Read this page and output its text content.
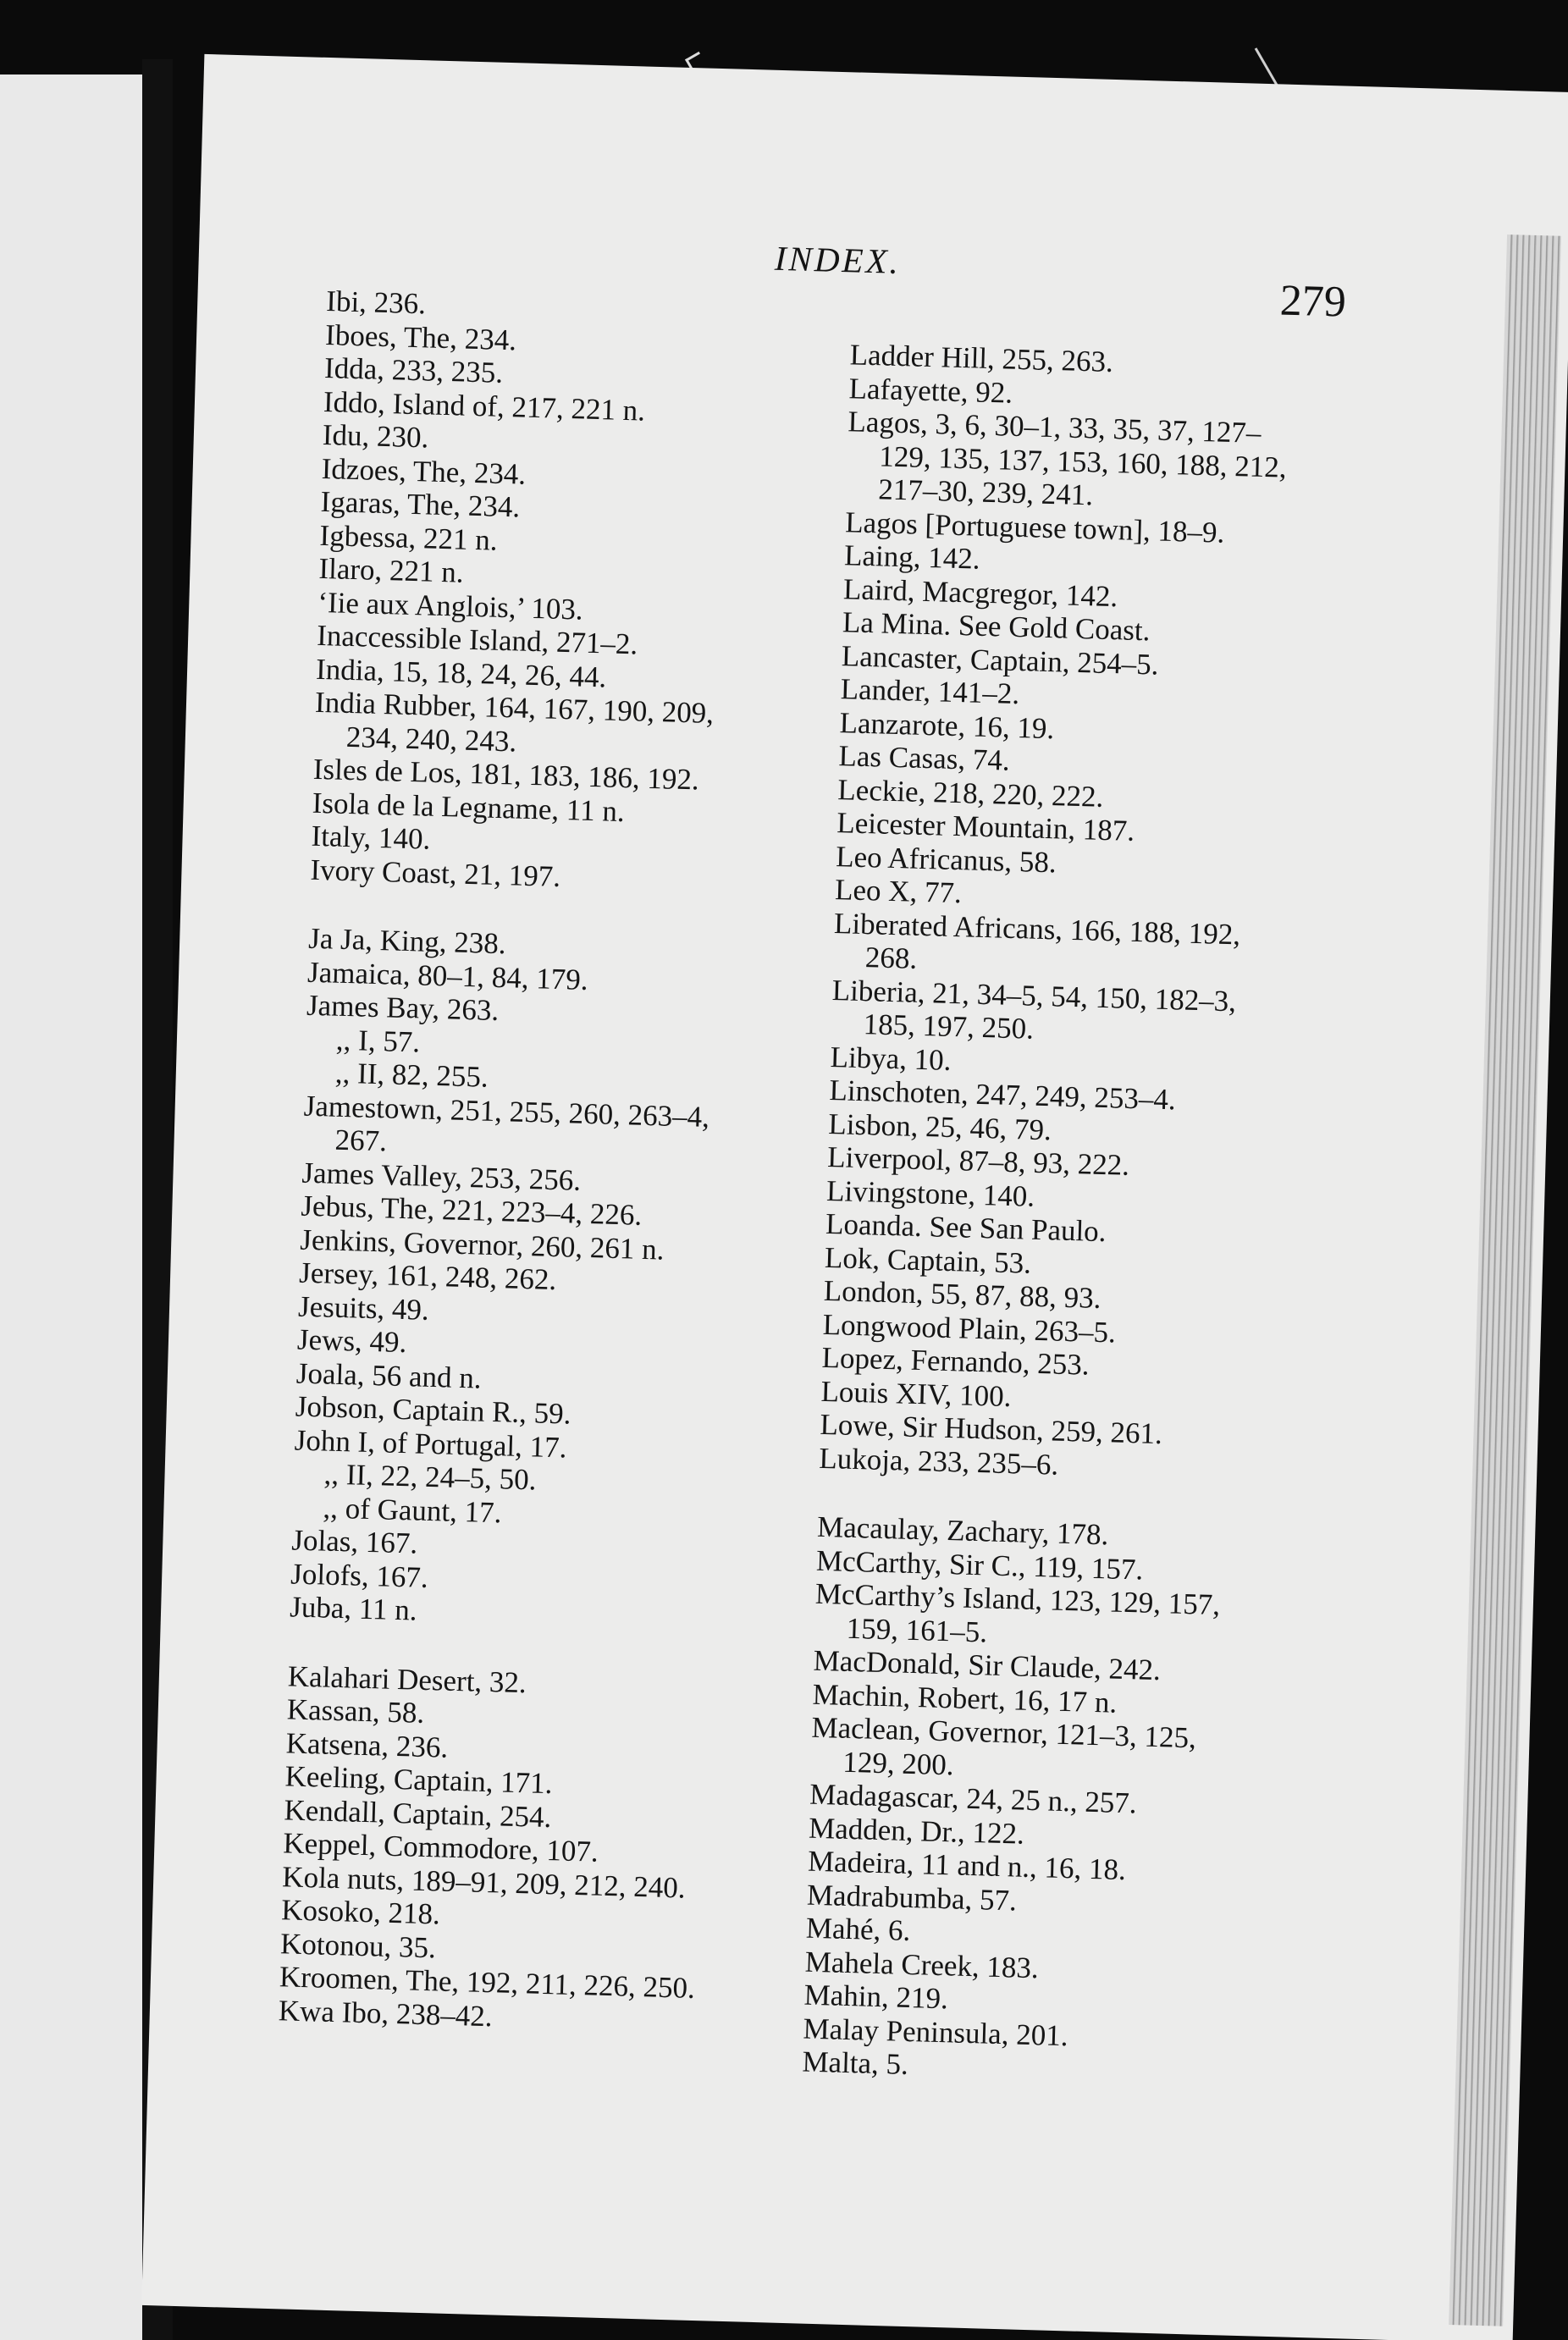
INDEX.
279
Ibi, 236.
Iboes, The, 234.
Idda, 233, 235.
Iddo, Island of, 217, 221 n.
Idu, 230.
Idzoes, The, 234.
Igaras, The, 234.
Igbessa, 221 n.
Ilaro, 221 n.
‘Iie aux Anglois,’ 103.
Inaccessible Island, 271–2.
India, 15, 18, 24, 26, 44.
India Rubber, 164, 167, 190, 209,
234, 240, 243.
Isles de Los, 181, 183, 186, 192.
Isola de la Legname, 11 n.
Italy, 140.
Ivory Coast, 21, 197.
Ja Ja, King, 238.
Jamaica, 80–1, 84, 179.
James Bay, 263.
,, I, 57.
,, II, 82, 255.
Jamestown, 251, 255, 260, 263–4,
267.
James Valley, 253, 256.
Jebus, The, 221, 223–4, 226.
Jenkins, Governor, 260, 261 n.
Jersey, 161, 248, 262.
Jesuits, 49.
Jews, 49.
Joala, 56 and n.
Jobson, Captain R., 59.
John I, of Portugal, 17.
,, II, 22, 24–5, 50.
,, of Gaunt, 17.
Jolas, 167.
Jolofs, 167.
Juba, 11 n.
Kalahari Desert, 32.
Kassan, 58.
Katsena, 236.
Keeling, Captain, 171.
Kendall, Captain, 254.
Keppel, Commodore, 107.
Kola nuts, 189–91, 209, 212, 240.
Kosoko, 218.
Kotonou, 35.
Kroomen, The, 192, 211, 226, 250.
Kwa Ibo, 238–42.
Ladder Hill, 255, 263.
Lafayette, 92.
Lagos, 3, 6, 30–1, 33, 35, 37, 127–
129, 135, 137, 153, 160, 188, 212,
217–30, 239, 241.
Lagos [Portuguese town], 18–9.
Laing, 142.
Laird, Macgregor, 142.
La Mina. See Gold Coast.
Lancaster, Captain, 254–5.
Lander, 141–2.
Lanzarote, 16, 19.
Las Casas, 74.
Leckie, 218, 220, 222.
Leicester Mountain, 187.
Leo Africanus, 58.
Leo X, 77.
Liberated Africans, 166, 188, 192,
268.
Liberia, 21, 34–5, 54, 150, 182–3,
185, 197, 250.
Libya, 10.
Linschoten, 247, 249, 253–4.
Lisbon, 25, 46, 79.
Liverpool, 87–8, 93, 222.
Livingstone, 140.
Loanda. See San Paulo.
Lok, Captain, 53.
London, 55, 87, 88, 93.
Longwood Plain, 263–5.
Lopez, Fernando, 253.
Louis XIV, 100.
Lowe, Sir Hudson, 259, 261.
Lukoja, 233, 235–6.
Macaulay, Zachary, 178.
McCarthy, Sir C., 119, 157.
McCarthy’s Island, 123, 129, 157,
159, 161–5.
MacDonald, Sir Claude, 242.
Machin, Robert, 16, 17 n.
Maclean, Governor, 121–3, 125,
129, 200.
Madagascar, 24, 25 n., 257.
Madden, Dr., 122.
Madeira, 11 and n., 16, 18.
Madrabumba, 57.
Mahé, 6.
Mahela Creek, 183.
Mahin, 219.
Malay Peninsula, 201.
Malta, 5.
